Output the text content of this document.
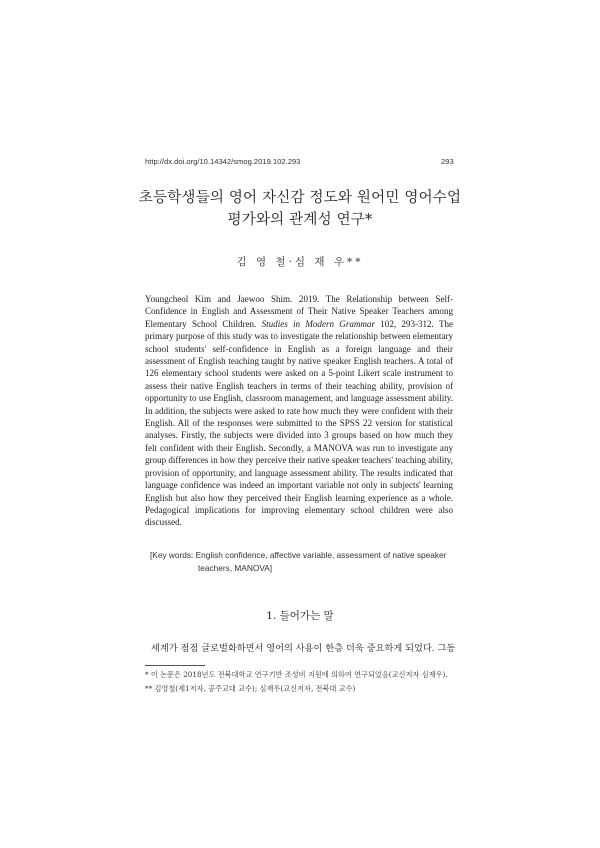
http://dx.doi.org/10.14342/smog.2019.102.293	293
초등학생들의 영어 자신감 정도와 원어민 영어수업
평가와의 관계성 연구*
김 영 철·심 재 우**
Youngcheol Kim and Jaewoo Shim. 2019. The Relationship between Self-Confidence in English and Assessment of Their Native Speaker Teachers among Elementary School Children. Studies in Modern Grammar 102, 293-312. The primary purpose of this study was to investigate the relationship between elementary school students' self-confidence in English as a foreign language and their assessment of English teaching taught by native speaker English teachers. A total of 126 elementary school students were asked on a 5-point Likert scale instrument to assess their native English teachers in terms of their teaching ability, provision of opportunity to use English, classroom management, and language assessment ability. In addition, the subjects were asked to rate how much they were confident with their English. All of the responses were submitted to the SPSS 22 version for statistical analyses. Firstly, the subjects were divided into 3 groups based on how much they felt confident with their English. Secondly, a MANOVA was run to investigate any group differences in how they perceive their native speaker teachers' teaching ability, provision of opportunity, and language assessment ability. The results indicated that language confidence was indeed an important variable not only in subjects' learning English but also how they perceived their English learning experience as a whole. Pedagogical implications for improving elementary school children were also discussed.
[Key words: English confidence, affective variable, assessment of native speaker
teachers, MANOVA]
1. 들어가는 말
세계가 점점 글로벌화하면서 영어의 사용이 한층 더욱 중요하게 되었다. 그동
* 이 논문은 2018년도 전북대학교 연구기반 조성비 지원에 의하여 연구되었음(교신저자 심재우).
** 김영철(제1저자, 공주교대 교수); 심재우(교신저자, 전북대 교수)
